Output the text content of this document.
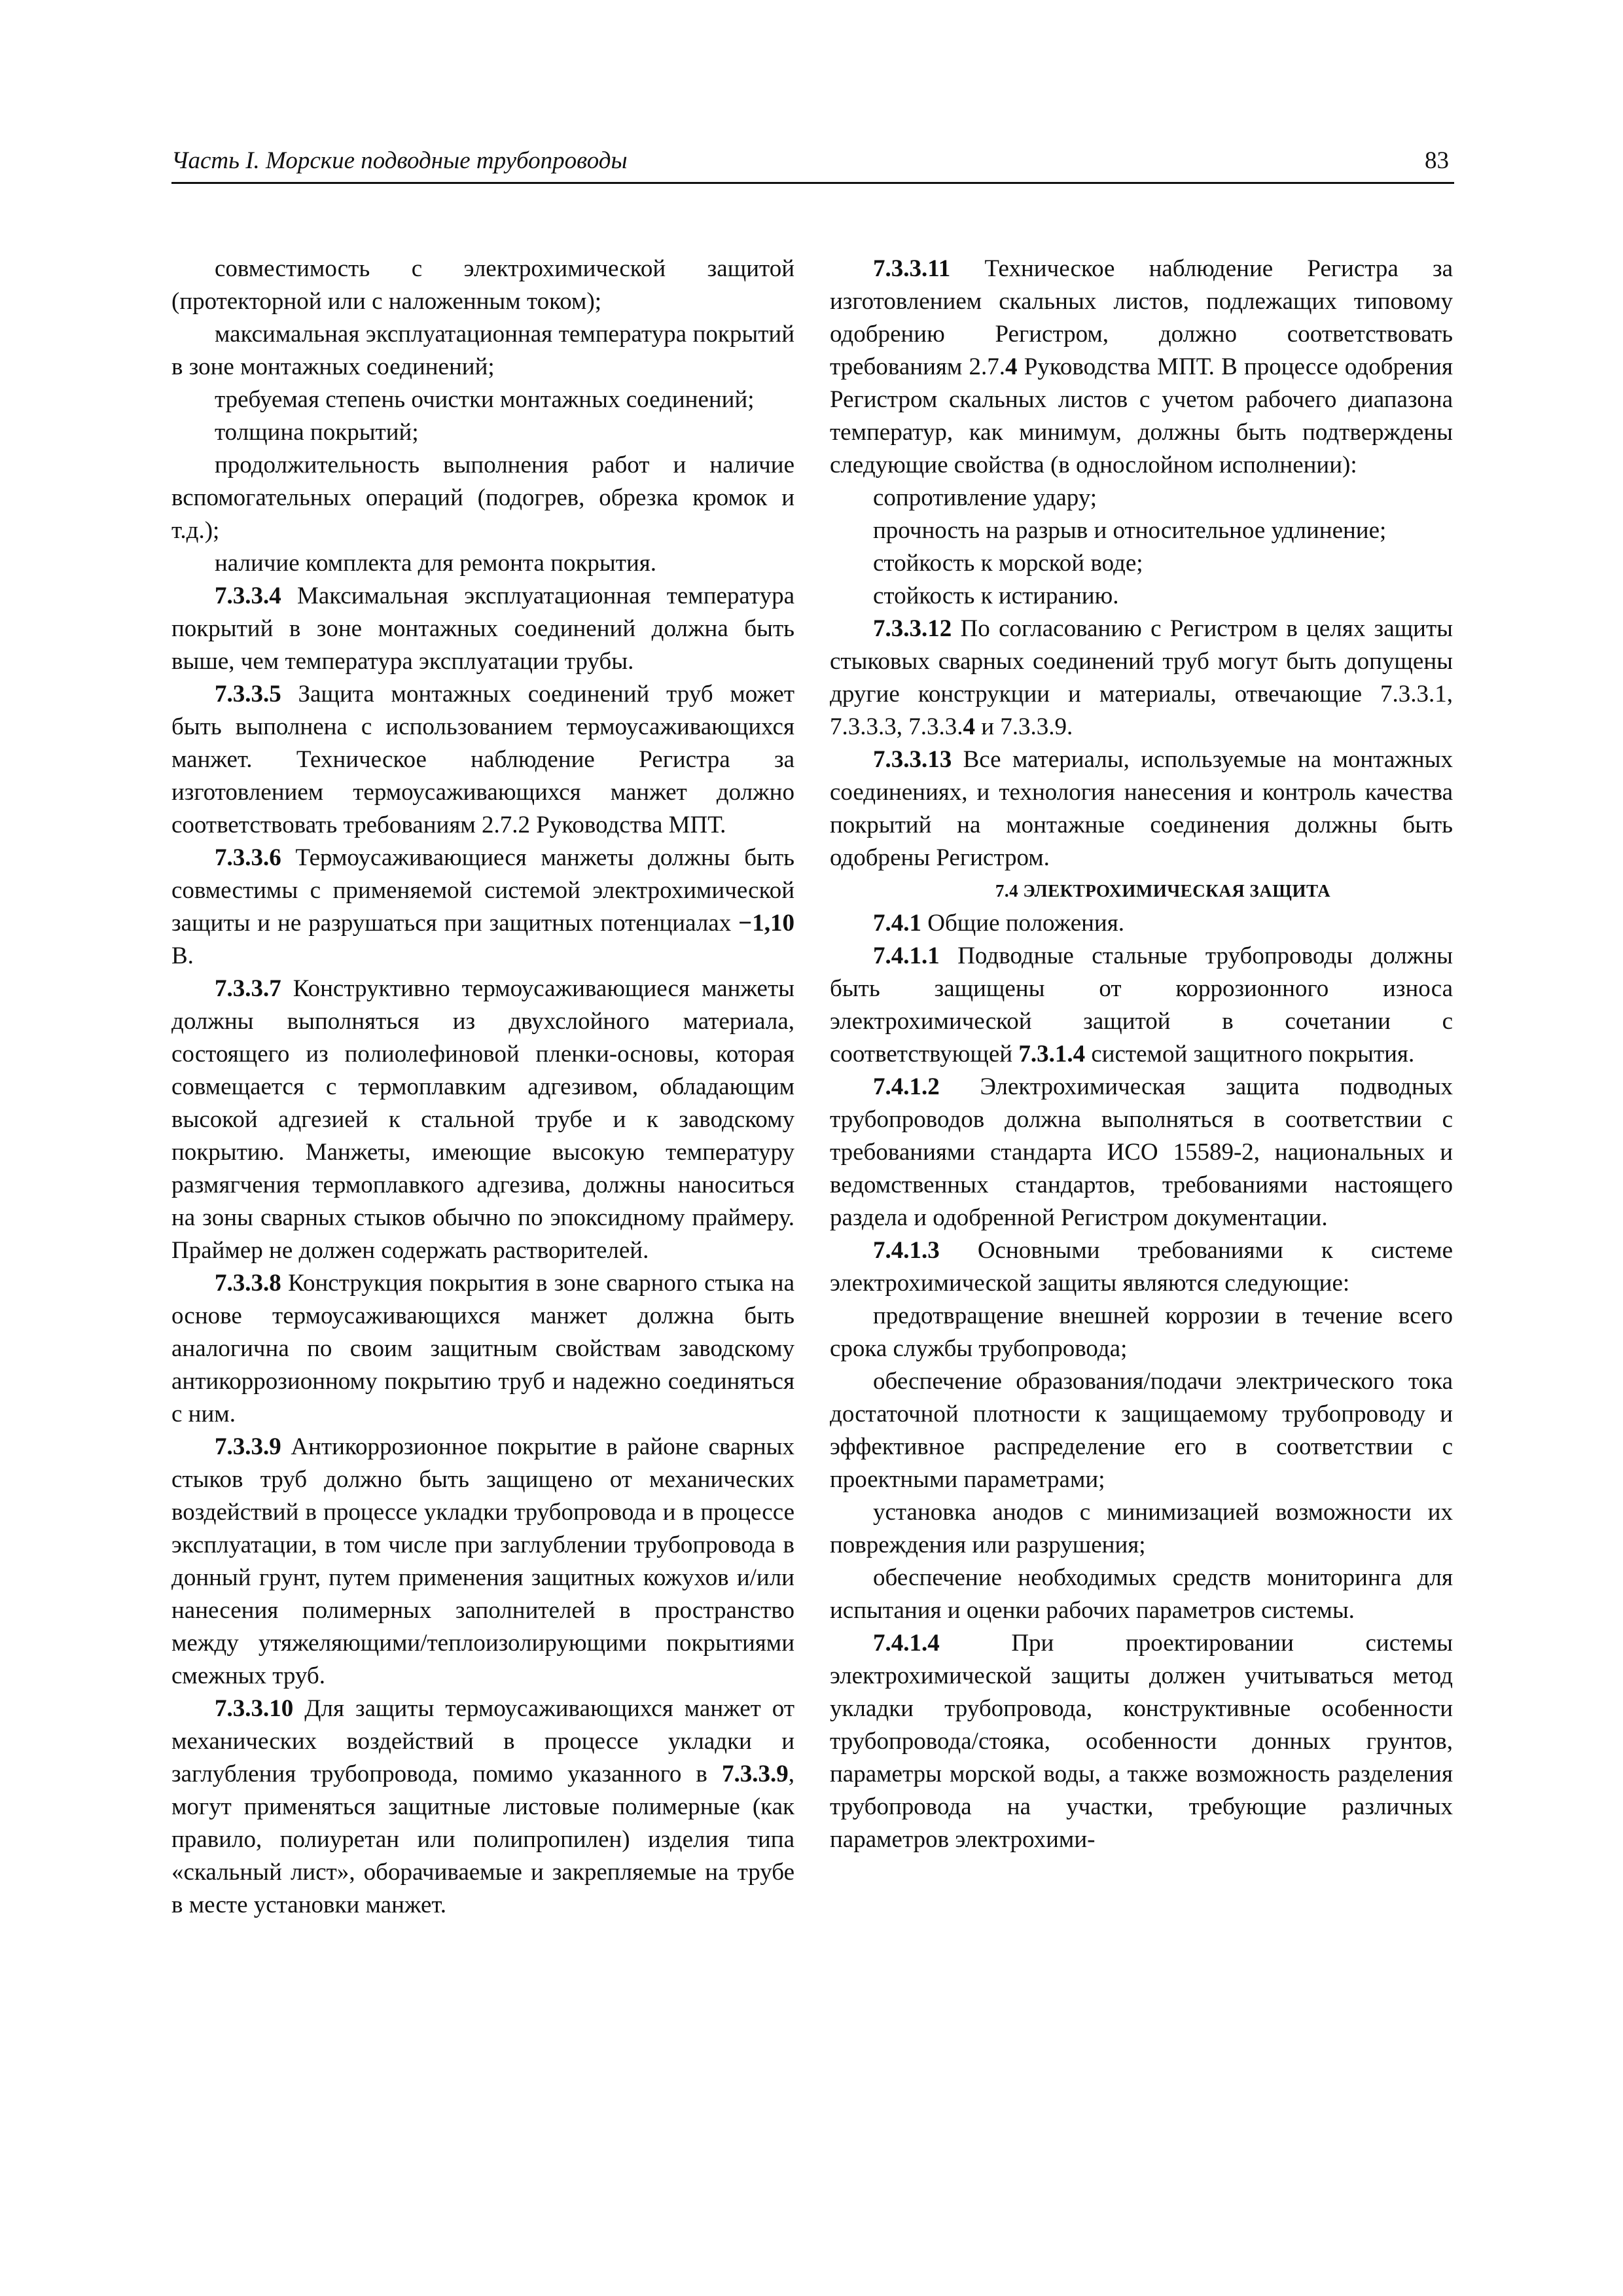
Часть I. Морские подводные трубопроводы	83

совместимость с электрохимической защитой (протекторной или с наложенным током);

максимальная эксплуатационная температура покрытий в зоне монтажных соединений;

требуемая степень очистки монтажных соединений;

толщина покрытий;

продолжительность выполнения работ и наличие вспомогательных операций (подогрев, обрезка кромок и т.д.);

наличие комплекта для ремонта покрытия.

7.3.3.4 Максимальная эксплуатационная температура покрытий в зоне монтажных соединений должна быть выше, чем температура эксплуатации трубы.

7.3.3.5 Защита монтажных соединений труб может быть выполнена с использованием термоусаживающихся манжет. Техническое наблюдение Регистра за изготовлением термоусаживающихся манжет должно соответствовать требованиям 2.7.2 Руководства МПТ.

7.3.3.6 Термоусаживающиеся манжеты должны быть совместимы с применяемой системой электрохимической защиты и не разрушаться при защитных потенциалах −1,10 В.

7.3.3.7 Конструктивно термоусаживающиеся манжеты должны выполняться из двухслойного материала, состоящего из полиолефиновой пленки-основы, которая совмещается с термоплавким адгезивом, обладающим высокой адгезией к стальной трубе и к заводскому покрытию. Манжеты, имеющие высокую температуру размягчения термоплавкого адгезива, должны наноситься на зоны сварных стыков обычно по эпоксидному праймеру. Праймер не должен содержать растворителей.

7.3.3.8 Конструкция покрытия в зоне сварного стыка на основе термоусаживающихся манжет должна быть аналогична по своим защитным свойствам заводскому антикоррозионному покрытию труб и надежно соединяться с ним.

7.3.3.9 Антикоррозионное покрытие в районе сварных стыков труб должно быть защищено от механических воздействий в процессе укладки трубопровода и в процессе эксплуатации, в том числе при заглублении трубопровода в донный грунт, путем применения защитных кожухов и/или нанесения полимерных заполнителей в пространство между утяжеляющими/теплоизолирующими покрытиями смежных труб.

7.3.3.10 Для защиты термоусаживающихся манжет от механических воздействий в процессе укладки и заглубления трубопровода, помимо указанного в 7.3.3.9, могут применяться защитные листовые полимерные (как правило, полиуретан или полипропилен) изделия типа «скальный лист», оборачиваемые и закрепляемые на трубе в месте установки манжет.

7.3.3.11 Техническое наблюдение Регистра за изготовлением скальных листов, подлежащих типовому одобрению Регистром, должно соответствовать требованиям 2.7.4 Руководства МПТ. В процессе одобрения Регистром скальных листов с учетом рабочего диапазона температур, как минимум, должны быть подтверждены следующие свойства (в однослойном исполнении):

сопротивление удару;

прочность на разрыв и относительное удлинение;

стойкость к морской воде;

стойкость к истиранию.

7.3.3.12 По согласованию с Регистром в целях защиты стыковых сварных соединений труб могут быть допущены другие конструкции и материалы, отвечающие 7.3.3.1, 7.3.3.3, 7.3.3.4 и 7.3.3.9.

7.3.3.13 Все материалы, используемые на монтажных соединениях, и технология нанесения и контроль качества покрытий на монтажные соединения должны быть одобрены Регистром.

7.4 ЭЛЕКТРОХИМИЧЕСКАЯ ЗАЩИТА

7.4.1 Общие положения.

7.4.1.1 Подводные стальные трубопроводы должны быть защищены от коррозионного износа электрохимической защитой в сочетании с соответствующей 7.3.1.4 системой защитного покрытия.

7.4.1.2 Электрохимическая защита подводных трубопроводов должна выполняться в соответствии с требованиями стандарта ИСО 15589-2, национальных и ведомственных стандартов, требованиями настоящего раздела и одобренной Регистром документации.

7.4.1.3 Основными требованиями к системе электрохимической защиты являются следующие:

предотвращение внешней коррозии в течение всего срока службы трубопровода;

обеспечение образования/подачи электрического тока достаточной плотности к защищаемому трубопроводу и эффективное распределение его в соответствии с проектными параметрами;

установка анодов с минимизацией возможности их повреждения или разрушения;

обеспечение необходимых средств мониторинга для испытания и оценки рабочих параметров системы.

7.4.1.4 При проектировании системы электрохимической защиты должен учитываться метод укладки трубопровода, конструктивные особенности трубопровода/стояка, особенности донных грунтов, параметры морской воды, а также возможность разделения трубопровода на участки, требующие различных параметров электрохими-
